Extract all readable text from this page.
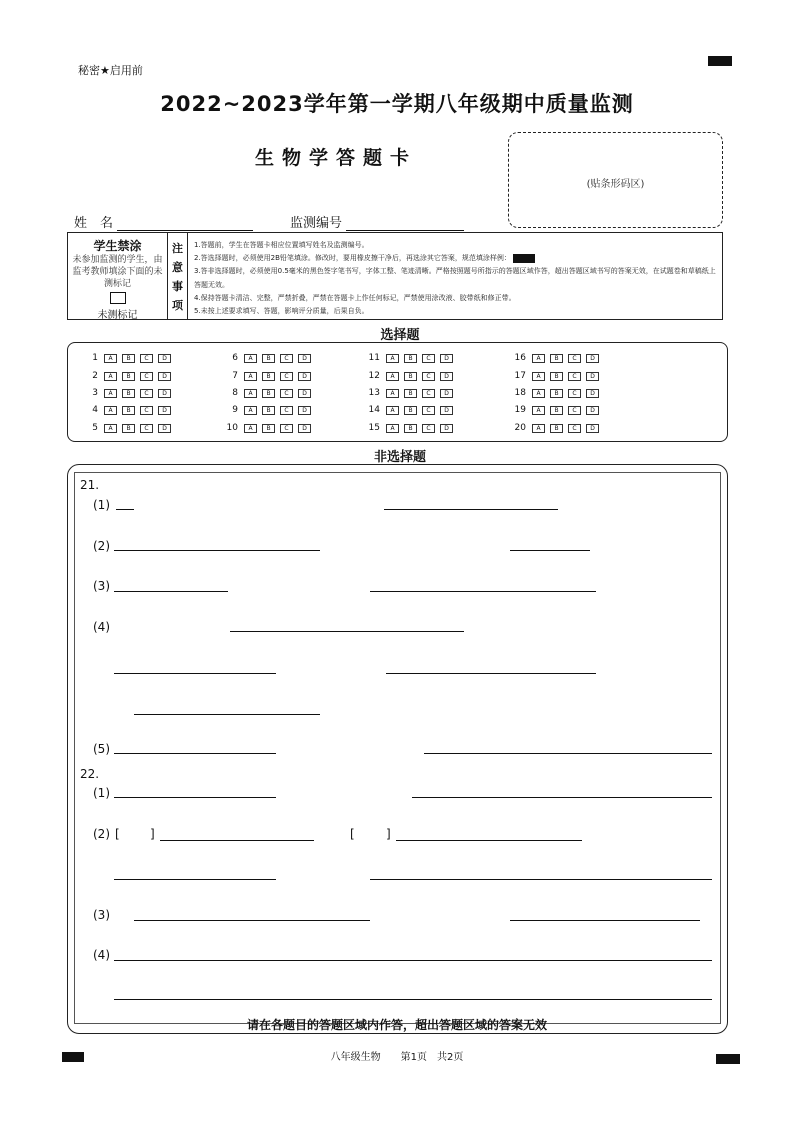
秘密★启用前
2022~2023学年第一学期八年级期中质量监测
生物学答题卡
(贴条形码区)
姓　名	监测编号
学生禁涂
未参加监测的学生，由监考教师填涂下面的未测标记
未测标记
注
意
事
项
1.答题前，学生在答题卡相应位置填写姓名及监测编号。
2.答选择题时，必须使用2B铅笔填涂。修改时，要用橡皮擦干净后，再选涂其它答案，规范填涂样例：
3.答非选择题时，必须使用0.5毫米的黑色签字笔书写，字体工整、笔迹清晰。严格按照题号所指示的答题区域作答，超出答题区域书写的答案无效，在试题卷和草稿纸上答题无效。
4.保持答题卡清洁、完整，严禁折叠，严禁在答题卡上作任何标记，严禁使用涂改液、胶带纸和修正带。
5.未按上述要求填写、答题，影响评分质量，后果自负。
选择题
1	A	B	C	D
2	A	B	C	D
3	A	B	C	D
4	A	B	C	D
5	A	B	C	D
6	A	B	C	D
7	A	B	C	D
8	A	B	C	D
9	A	B	C	D
10	A	B	C	D
11	A	B	C	D
12	A	B	C	D
13	A	B	C	D
14	A	B	C	D
15	A	B	C	D
16	A	B	C	D
17	A	B	C	D
18	A	B	C	D
19	A	B	C	D
20	A	B	C	D
非选择题
21.
(1)
(2)
(3)
(4)
(5)
22.
(1)
(2) [	]	[	]
(3)
(4)
请在各题目的答题区域内作答，超出答题区域的答案无效
八年级生物　　第1页　共2页
